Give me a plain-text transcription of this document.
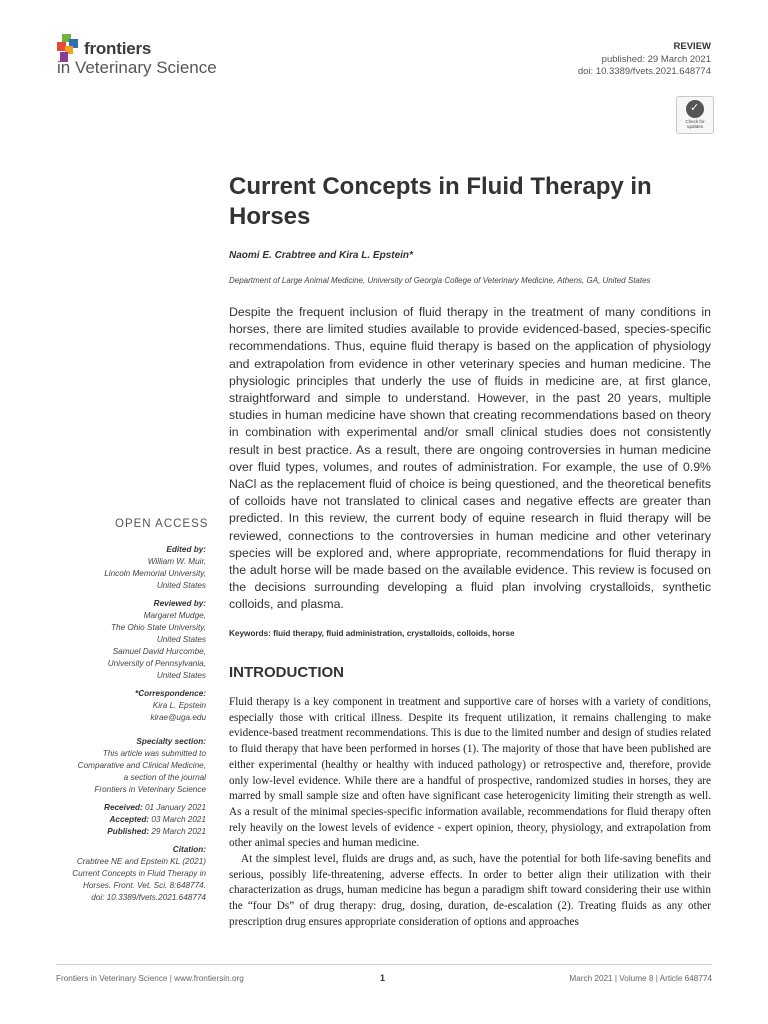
frontiers
in Veterinary Science
REVIEW
published: 29 March 2021
doi: 10.3389/fvets.2021.648774
✓
Check for updates
Current Concepts in Fluid Therapy in Horses
Naomi E. Crabtree and Kira L. Epstein*
Department of Large Animal Medicine, University of Georgia College of Veterinary Medicine, Athens, GA, United States
Despite the frequent inclusion of fluid therapy in the treatment of many conditions in horses, there are limited studies available to provide evidenced-based, species-specific recommendations. Thus, equine fluid therapy is based on the application of physiology and extrapolation from evidence in other veterinary species and human medicine. The physiologic principles that underly the use of fluids in medicine are, at first glance, straightforward and simple to understand. However, in the past 20 years, multiple studies in human medicine have shown that creating recommendations based on theory in combination with experimental and/or small clinical studies does not consistently result in best practice. As a result, there are ongoing controversies in human medicine over fluid types, volumes, and routes of administration. For example, the use of 0.9% NaCl as the replacement fluid of choice is being questioned, and the theoretical benefits of colloids have not translated to clinical cases and negative effects are greater than predicted. In this review, the current body of equine research in fluid therapy will be reviewed, connections to the controversies in human medicine and other veterinary species will be explored and, where appropriate, recommendations for fluid therapy in the adult horse will be made based on the available evidence. This review is focused on the decisions surrounding developing a fluid plan involving crystalloids, synthetic colloids, and plasma.
Keywords: fluid therapy, fluid administration, crystalloids, colloids, horse
INTRODUCTION

Fluid therapy is a key component in treatment and supportive care of horses with a variety of conditions, especially those with critical illness. Despite its frequent utilization, it remains challenging to make evidence-based treatment recommendations. This is due to the limited number and design of studies related to fluid therapy that have been performed in horses (1). The majority of those that have been published are either experimental (healthy or healthy with induced pathology) or retrospective and, therefore, provide only low-level evidence. While there are a handful of prospective, randomized studies in horses, they are marred by small sample size and often have significant case heterogenicity limiting their strength as well. As a result of the minimal species-specific information available, recommendations for fluid therapy often rely heavily on the lowest levels of evidence - expert opinion, theory, physiology, and extrapolation from other animal species and human medicine.

At the simplest level, fluids are drugs and, as such, have the potential for both life-saving benefits and serious, possibly life-threatening, adverse effects. In order to better align their utilization with their characterization as drugs, human medicine has begun a paradigm shift toward considering their use within the “four Ds” of drug therapy: drug, dosing, duration, de-escalation (2). Treating fluids as any other prescription drug ensures appropriate consideration of options and approaches

OPEN ACCESS
Edited by:
William W. Muir,
Lincoln Memorial University,
United States
Reviewed by:
Margaret Mudge,
The Ohio State University,
United States
Samuel David Hurcombe,
University of Pennsylvania,
United States
*Correspondence:
Kira L. Epstein
kirae@uga.edu
Specialty section:
This article was submitted to
Comparative and Clinical Medicine,
a section of the journal
Frontiers in Veterinary Science
Received: 01 January 2021
Accepted: 03 March 2021
Published: 29 March 2021
Citation:
Crabtree NE and Epstein KL (2021)
Current Concepts in Fluid Therapy in
Horses. Front. Vet. Sci. 8:648774.
doi: 10.3389/fvets.2021.648774
Frontiers in Veterinary Science | www.frontiersin.org	1	March 2021 | Volume 8 | Article 648774
